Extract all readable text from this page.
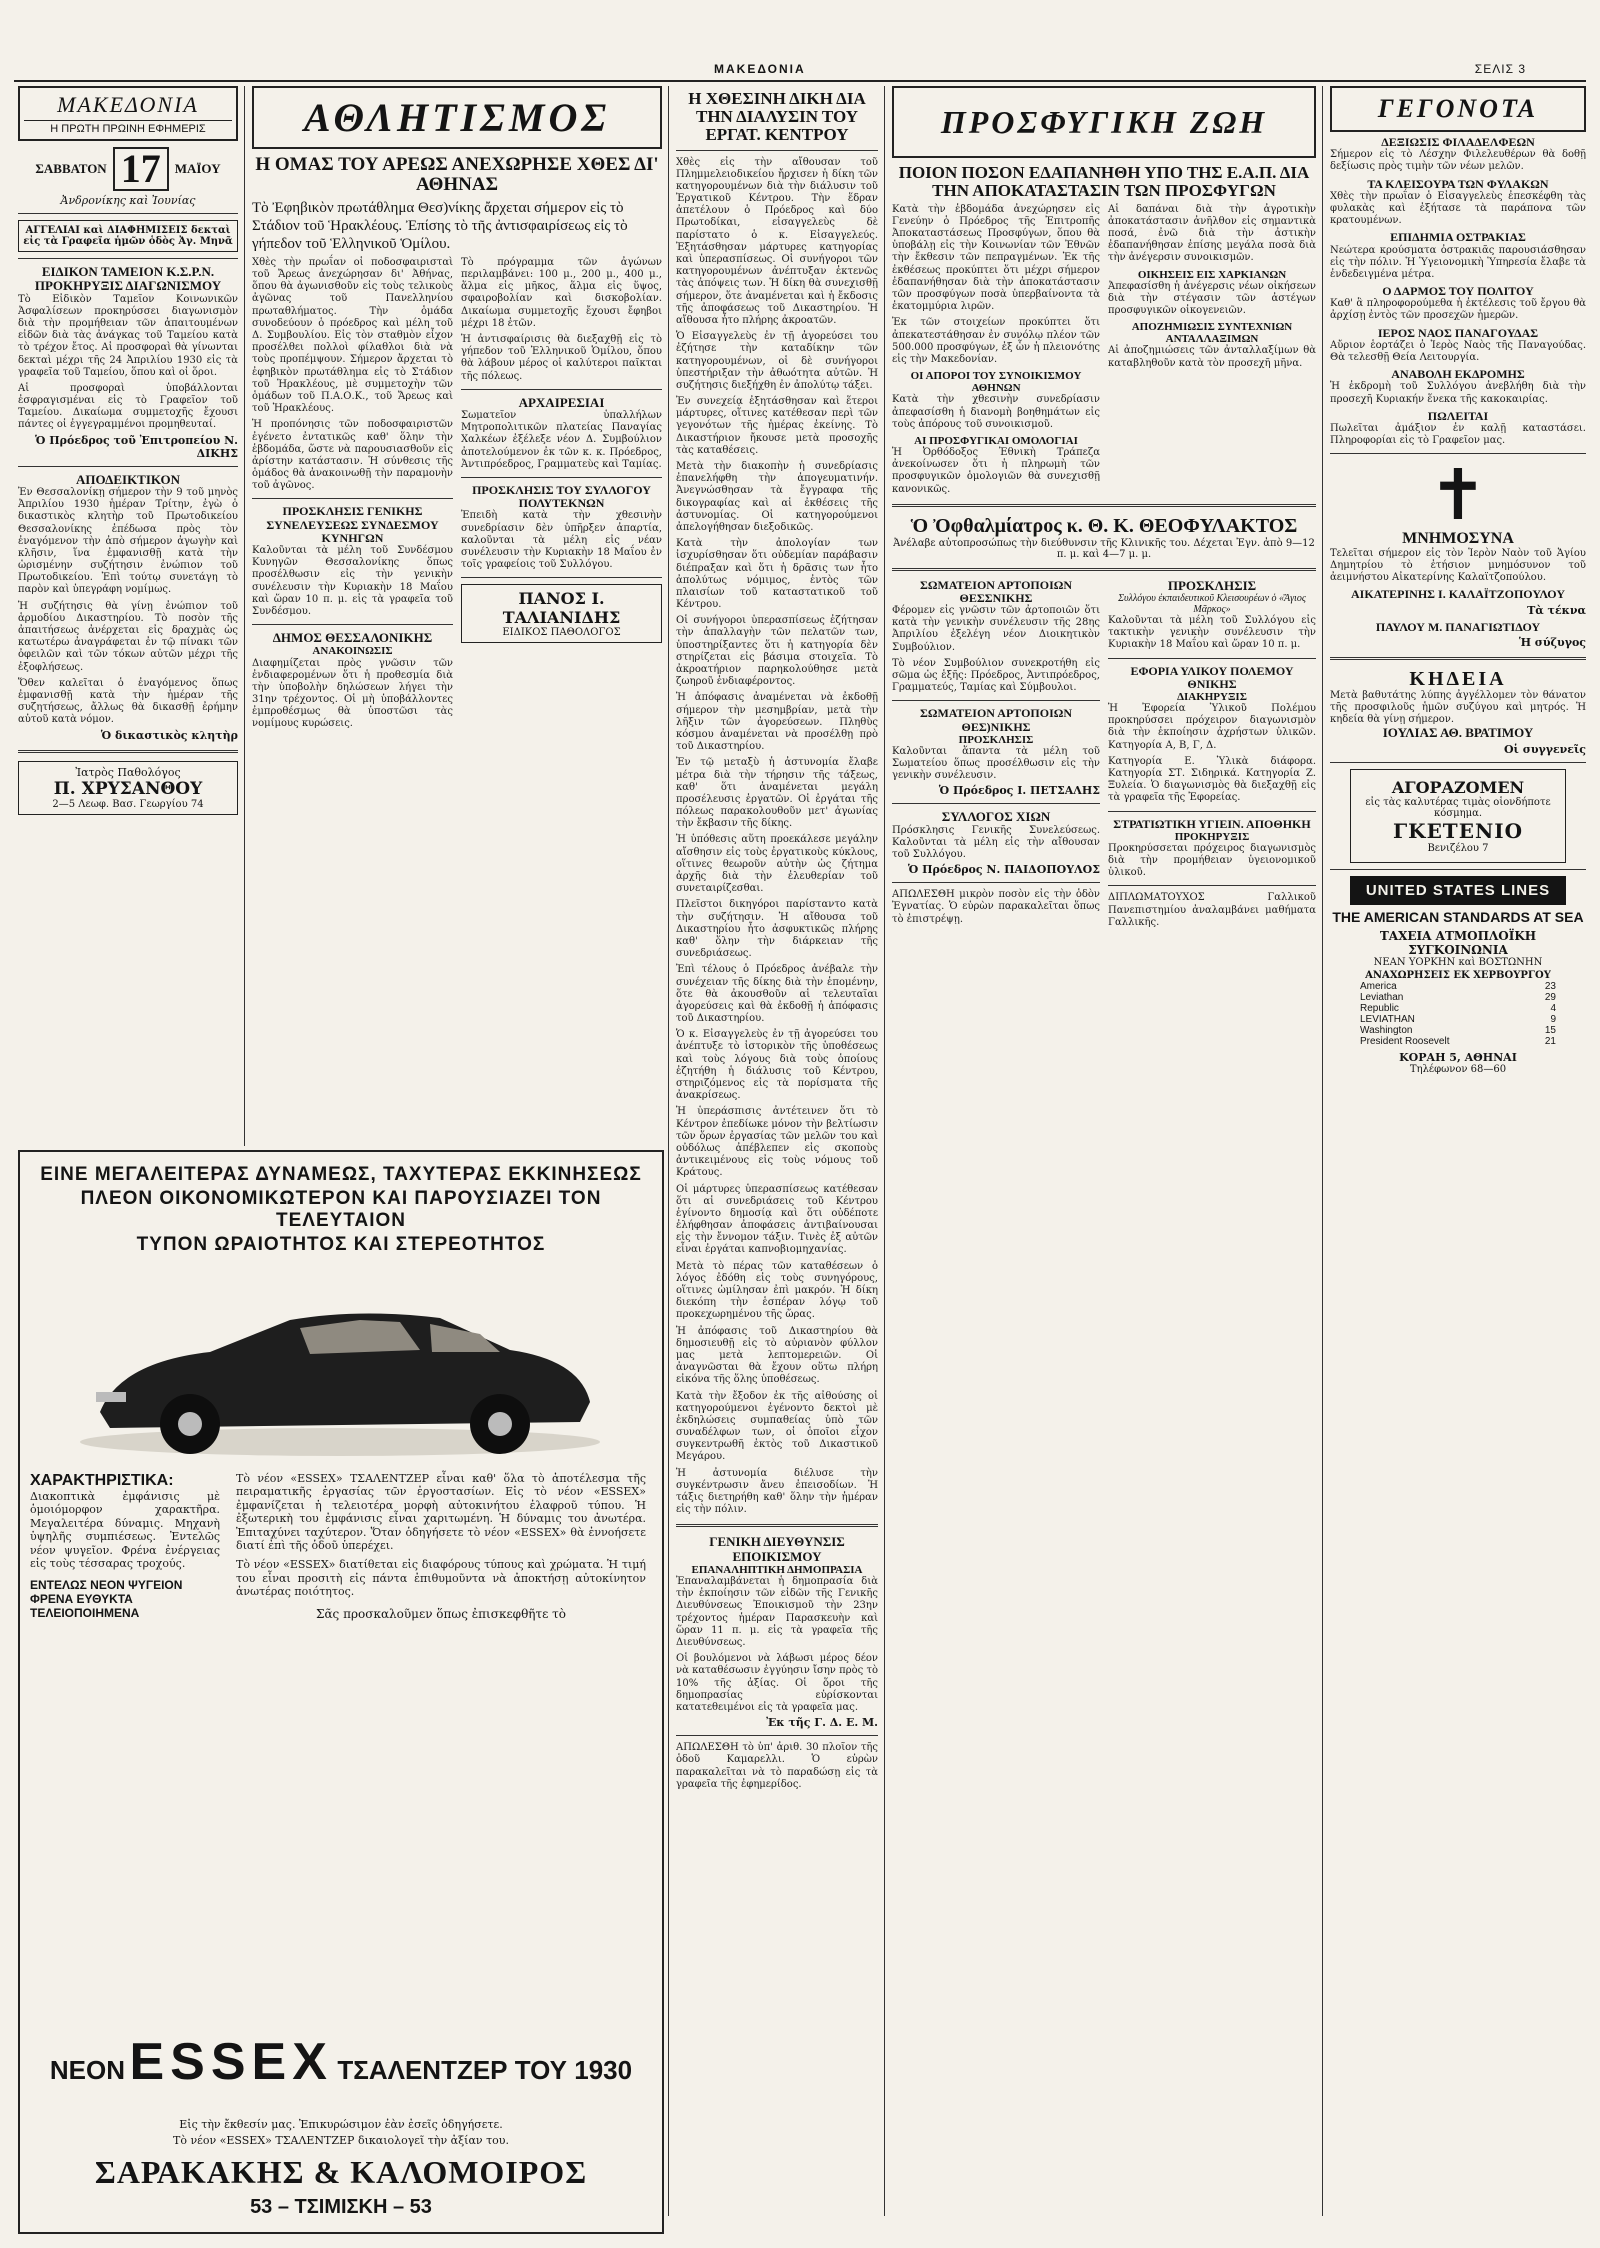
ΜΑΚΕΔΟΝΙΑ	ΣΕΛΙΣ 3
ΜΑΚΕΔΟΝΙΑ
Η ΠΡΩΤΗ ΠΡΩΙΝΗ ΕΦΗΜΕΡΙΣ
ΣΑΒΒΑΤΟΝ 17	ΜΑΪΟΥ
Ἀνδρονίκης καὶ Ἰουνίας
ΑΓΓΕΛΙΑΙ καὶ ΔΙΑΦΗΜΙΣΕΙΣ δεκταὶ εἰς τὰ Γραφεῖα ἡμῶν ὁδὸς Ἀγ. Μηνᾶ
ΕΙΔΙΚΟΝ ΤΑΜΕΙΟΝ Κ.Σ.Ρ.Ν. ΠΡΟΚΗΡΥΞΙΣ ΔΙΑΓΩΝΙΣΜΟΥ

Τὸ Εἰδικὸν Ταμεῖον Κοινωνικῶν Ἀσφαλίσεων προκηρύσσει διαγωνισμὸν διὰ τὴν προμήθειαν τῶν ἀπαιτουμένων εἰδῶν διὰ τὰς ἀνάγκας τοῦ Ταμείου κατὰ τὸ τρέχον ἔτος. Αἱ προσφοραὶ θὰ γίνωνται δεκταὶ μέχρι τῆς 24 Ἀπριλίου 1930 εἰς τὰ γραφεῖα τοῦ Ταμείου, ὅπου καὶ οἱ ὅροι.

Αἱ προσφοραὶ ὑποβάλλονται ἐσφραγισμέναι εἰς τὸ Γραφεῖον τοῦ Ταμείου. Δικαίωμα συμμετοχῆς ἔχουσι πάντες οἱ ἐγγεγραμμένοι προμηθευταί.

Ὁ Πρόεδρος τοῦ Ἐπιτροπείου Ν. ΔΙΚΗΣ
ΑΠΟΔΕΙΚΤΙΚΟΝ

Ἐν Θεσσαλονίκῃ σήμερον τὴν 9 τοῦ μηνὸς Ἀπριλίου 1930 ἡμέραν Τρίτην, ἐγὼ ὁ δικαστικὸς κλητὴρ τοῦ Πρωτοδικείου Θεσσαλονίκης ἐπέδωσα πρὸς τὸν ἐναγόμενον τὴν ἀπὸ σήμερον ἀγωγὴν καὶ κλῆσιν, ἵνα ἐμφανισθῇ κατὰ τὴν ὡρισμένην συζήτησιν ἐνώπιον τοῦ Πρωτοδικείου. Ἐπὶ τούτῳ συνετάγη τὸ παρὸν καὶ ὑπεγράφη νομίμως.

Ἡ συζήτησις θὰ γίνῃ ἐνώπιον τοῦ ἁρμοδίου Δικαστηρίου. Τὸ ποσὸν τῆς ἀπαιτήσεως ἀνέρχεται εἰς δραχμὰς ὡς κατωτέρω ἀναγράφεται ἐν τῷ πίνακι τῶν ὀφειλῶν καὶ τῶν τόκων αὐτῶν μέχρι τῆς ἐξοφλήσεως.

Ὅθεν καλεῖται ὁ ἐναγόμενος ὅπως ἐμφανισθῇ κατὰ τὴν ἡμέραν τῆς συζητήσεως, ἄλλως θὰ δικασθῇ ἐρήμην αὐτοῦ κατὰ νόμον.

Ὁ δικαστικὸς κλητὴρ
Ἰατρὸς Παθολόγος
Π. ΧΡΥΣΑΝΘΟΥ
2—5 Λεωφ. Βασ. Γεωργίου 74
ΑΘΛΗΤΙΣΜΟΣ
Η ΟΜΑΣ ΤΟΥ ΑΡΕΩΣ ΑΝΕΧΩΡΗΣΕ ΧΘΕΣ ΔΙ' ΑΘΗΝΑΣ
Τὸ Ἐφηβικὸν πρωτάθλημα Θεσ)νίκης ἄρχεται σήμερον εἰς τὸ Στάδιον τοῦ Ἡρακλέους. Ἐπίσης τὸ τῆς ἀντισφαιρίσεως εἰς τὸ γήπεδον τοῦ Ἑλληνικοῦ Ὁμίλου.

Χθὲς τὴν πρωΐαν οἱ ποδοσφαιρισταὶ τοῦ Ἄρεως ἀνεχώρησαν δι' Ἀθήνας, ὅπου θὰ ἀγωνισθοῦν εἰς τοὺς τελικοὺς ἀγῶνας τοῦ Πανελληνίου πρωταθλήματος. Τὴν ὁμάδα συνοδεύουν ὁ πρόεδρος καὶ μέλη τοῦ Δ. Συμβουλίου. Εἰς τὸν σταθμὸν εἶχον προσέλθει πολλοὶ φίλαθλοι διὰ νὰ τοὺς προπέμψουν. Σήμερον ἄρχεται τὸ ἐφηβικὸν πρωτάθλημα εἰς τὸ Στάδιον τοῦ Ἡρακλέους, μὲ συμμετοχὴν τῶν ὁμάδων τοῦ Π.Α.Ο.Κ., τοῦ Ἄρεως καὶ τοῦ Ἡρακλέους.

Ἡ προπόνησις τῶν ποδοσφαιριστῶν ἐγένετο ἐντατικῶς καθ' ὅλην τὴν ἑβδομάδα, ὥστε νὰ παρουσιασθοῦν εἰς ἀρίστην κατάστασιν. Ἡ σύνθεσις τῆς ὁμάδος θὰ ἀνακοινωθῇ τὴν παραμονὴν τοῦ ἀγῶνος.

ΠΡΟΣΚΛΗΣΙΣ ΓΕΝΙΚΗΣ ΣΥΝΕΛΕΥΣΕΩΣ ΣΥΝΔΕΣΜΟΥ ΚΥΝΗΓΩΝ

Καλοῦνται τὰ μέλη τοῦ Συνδέσμου Κυνηγῶν Θεσσαλονίκης ὅπως προσέλθωσιν εἰς τὴν γενικὴν συνέλευσιν τὴν Κυριακὴν 18 Μαΐου καὶ ὥραν 10 π. μ. εἰς τὰ γραφεῖα τοῦ Συνδέσμου.

ΔΗΜΟΣ ΘΕΣΣΑΛΟΝΙΚΗΣ
ΑΝΑΚΟΙΝΩΣΙΣ

Διαφημίζεται πρὸς γνῶσιν τῶν ἐνδιαφερομένων ὅτι ἡ προθεσμία διὰ τὴν ὑποβολὴν δηλώσεων λήγει τὴν 31ην τρέχοντος. Οἱ μὴ ὑποβάλλοντες ἐμπροθέσμως θὰ ὑποστῶσι τὰς νομίμους κυρώσεις.

Τὸ πρόγραμμα τῶν ἀγώνων περιλαμβάνει: 100 μ., 200 μ., 400 μ., ἅλμα εἰς μῆκος, ἅλμα εἰς ὕψος, σφαιροβολίαν καὶ δισκοβολίαν. Δικαίωμα συμμετοχῆς ἔχουσι ἔφηβοι μέχρι 18 ἐτῶν.

Ἡ ἀντισφαίρισις θὰ διεξαχθῇ εἰς τὸ γήπεδον τοῦ Ἑλληνικοῦ Ὁμίλου, ὅπου θὰ λάβουν μέρος οἱ καλύτεροι παῖκται τῆς πόλεως.

ΑΡΧΑΙΡΕΣΙΑΙ

Σωματεῖον ὑπαλλήλων Μητροπολιτικῶν πλατείας Παναγίας Χαλκέων ἐξέλεξε νέον Δ. Συμβούλιον ἀποτελούμενον ἐκ τῶν κ. κ. Πρόεδρος, Ἀντιπρόεδρος, Γραμματεὺς καὶ Ταμίας.

ΠΡΟΣΚΛΗΣΙΣ ΤΟΥ ΣΥΛΛΟΓΟΥ ΠΟΛΥΤΕΚΝΩΝ

Ἐπειδὴ κατὰ τὴν χθεσινὴν συνεδρίασιν δὲν ὑπῆρξεν ἀπαρτία, καλοῦνται τὰ μέλη εἰς νέαν συνέλευσιν τὴν Κυριακὴν 18 Μαΐου ἐν τοῖς γραφείοις τοῦ Συλλόγου.

ΠΑΝΟΣ Ι. ΤΑΛΙΑΝΙΔΗΣ
ΕΙΔΙΚΟΣ ΠΑΘΟΛΟΓΟΣ
Η ΧΘΕΣΙΝΗ ΔΙΚΗ ΔΙΑ ΤΗΝ ΔΙΑΛΥΣΙΝ ΤΟΥ ΕΡΓΑΤ. ΚΕΝΤΡΟΥ

Χθὲς εἰς τὴν αἴθουσαν τοῦ Πλημμελειοδικείου ἤρχισεν ἡ δίκη τῶν κατηγορουμένων διὰ τὴν διάλυσιν τοῦ Ἐργατικοῦ Κέντρου. Τὴν ἕδραν ἀπετέλουν ὁ Πρόεδρος καὶ δύο Πρωτοδίκαι, εἰσαγγελεὺς δὲ παρίστατο ὁ κ. Εἰσαγγελεύς. Ἐξητάσθησαν μάρτυρες κατηγορίας καὶ ὑπερασπίσεως. Οἱ συνήγοροι τῶν κατηγορουμένων ἀνέπτυξαν ἐκτενῶς τὰς ἀπόψεις των. Ἡ δίκη θὰ συνεχισθῇ σήμερον, ὅτε ἀναμένεται καὶ ἡ ἔκδοσις τῆς ἀποφάσεως τοῦ Δικαστηρίου. Ἡ αἴθουσα ἦτο πλήρης ἀκροατῶν.

Ὁ Εἰσαγγελεὺς ἐν τῇ ἀγορεύσει του ἐζήτησε τὴν καταδίκην τῶν κατηγορουμένων, οἱ δὲ συνήγοροι ὑπεστήριξαν τὴν ἀθωότητα αὐτῶν. Ἡ συζήτησις διεξήχθη ἐν ἀπολύτῳ τάξει.

Ἐν συνεχείᾳ ἐξητάσθησαν καὶ ἕτεροι μάρτυρες, οἵτινες κατέθεσαν περὶ τῶν γεγονότων τῆς ἡμέρας ἐκείνης. Τὸ Δικαστήριον ἤκουσε μετὰ προσοχῆς τὰς καταθέσεις.

Μετὰ τὴν διακοπὴν ἡ συνεδρίασις ἐπανελήφθη τὴν ἀπογευματινήν. Ἀνεγνώσθησαν τὰ ἔγγραφα τῆς δικογραφίας καὶ αἱ ἐκθέσεις τῆς ἀστυνομίας. Οἱ κατηγορούμενοι ἀπελογήθησαν διεξοδικῶς.

Κατὰ τὴν ἀπολογίαν των ἰσχυρίσθησαν ὅτι οὐδεμίαν παράβασιν διέπραξαν καὶ ὅτι ἡ δρᾶσις των ἦτο ἀπολύτως νόμιμος, ἐντὸς τῶν πλαισίων τοῦ καταστατικοῦ τοῦ Κέντρου.

Οἱ συνήγοροι ὑπερασπίσεως ἐζήτησαν τὴν ἀπαλλαγὴν τῶν πελατῶν των, ὑποστηρίξαντες ὅτι ἡ κατηγορία δὲν στηρίζεται εἰς βάσιμα στοιχεῖα. Τὸ ἀκροατήριον παρηκολούθησε μετὰ ζωηροῦ ἐνδιαφέροντος.

Ἡ ἀπόφασις ἀναμένεται νὰ ἐκδοθῇ σήμερον τὴν μεσημβρίαν, μετὰ τὴν λῆξιν τῶν ἀγορεύσεων. Πληθὺς κόσμου ἀναμένεται νὰ προσέλθῃ πρὸ τοῦ Δικαστηρίου.

Ἐν τῷ μεταξὺ ἡ ἀστυνομία ἔλαβε μέτρα διὰ τὴν τήρησιν τῆς τάξεως, καθ' ὅτι ἀναμένεται μεγάλη προσέλευσις ἐργατῶν. Οἱ ἐργάται τῆς πόλεως παρακολουθοῦν μετ' ἀγωνίας τὴν ἔκβασιν τῆς δίκης.

Ἡ ὑπόθεσις αὕτη προεκάλεσε μεγάλην αἴσθησιν εἰς τοὺς ἐργατικοὺς κύκλους, οἵτινες θεωροῦν αὐτὴν ὡς ζήτημα ἀρχῆς διὰ τὴν ἐλευθερίαν τοῦ συνεταιρίζεσθαι.

Πλεῖστοι δικηγόροι παρίσταντο κατὰ τὴν συζήτησιν. Ἡ αἴθουσα τοῦ Δικαστηρίου ἦτο ἀσφυκτικῶς πλήρης καθ' ὅλην τὴν διάρκειαν τῆς συνεδριάσεως.

Ἐπὶ τέλους ὁ Πρόεδρος ἀνέβαλε τὴν συνέχειαν τῆς δίκης διὰ τὴν ἑπομένην, ὅτε θὰ ἀκουσθοῦν αἱ τελευταῖαι ἀγορεύσεις καὶ θὰ ἐκδοθῇ ἡ ἀπόφασις τοῦ Δικαστηρίου.

Ὁ κ. Εἰσαγγελεὺς ἐν τῇ ἀγορεύσει του ἀνέπτυξε τὸ ἱστορικὸν τῆς ὑποθέσεως καὶ τοὺς λόγους διὰ τοὺς ὁποίους ἐζητήθη ἡ διάλυσις τοῦ Κέντρου, στηριζόμενος εἰς τὰ πορίσματα τῆς ἀνακρίσεως.

Ἡ ὑπεράσπισις ἀντέτεινεν ὅτι τὸ Κέντρον ἐπεδίωκε μόνον τὴν βελτίωσιν τῶν ὅρων ἐργασίας τῶν μελῶν του καὶ οὐδόλως ἀπέβλεπεν εἰς σκοποὺς ἀντικειμένους εἰς τοὺς νόμους τοῦ Κράτους.

Οἱ μάρτυρες ὑπερασπίσεως κατέθεσαν ὅτι αἱ συνεδριάσεις τοῦ Κέντρου ἐγίνοντο δημοσίᾳ καὶ ὅτι οὐδέποτε ἐλήφθησαν ἀποφάσεις ἀντιβαίνουσαι εἰς τὴν ἔννομον τάξιν. Τινὲς ἐξ αὐτῶν εἶναι ἐργάται καπνοβιομηχανίας.

Μετὰ τὸ πέρας τῶν καταθέσεων ὁ λόγος ἐδόθη εἰς τοὺς συνηγόρους, οἵτινες ὡμίλησαν ἐπὶ μακρόν. Ἡ δίκη διεκόπη τὴν ἑσπέραν λόγῳ τοῦ προκεχωρημένου τῆς ὥρας.

Ἡ ἀπόφασις τοῦ Δικαστηρίου θὰ δημοσιευθῇ εἰς τὸ αὐριανὸν φύλλον μας μετὰ λεπτομερειῶν. Οἱ ἀναγνῶσται θὰ ἔχουν οὕτω πλήρη εἰκόνα τῆς ὅλης ὑποθέσεως.

Κατὰ τὴν ἔξοδον ἐκ τῆς αἰθούσης οἱ κατηγορούμενοι ἐγένοντο δεκτοὶ μὲ ἐκδηλώσεις συμπαθείας ὑπὸ τῶν συναδέλφων των, οἱ ὁποῖοι εἶχον συγκεντρωθῆ ἐκτὸς τοῦ Δικαστικοῦ Μεγάρου.

Ἡ ἀστυνομία διέλυσε τὴν συγκέντρωσιν ἄνευ ἐπεισοδίων. Ἡ τάξις διετηρήθη καθ' ὅλην τὴν ἡμέραν εἰς τὴν πόλιν.

ΓΕΝΙΚΗ ΔΙΕΥΘΥΝΣΙΣ ΕΠΟΙΚΙΣΜΟΥ
ΕΠΑΝΑΛΗΠΤΙΚΗ ΔΗΜΟΠΡΑΣΙΑ

Ἐπαναλαμβάνεται ἡ δημοπρασία διὰ τὴν ἐκποίησιν τῶν εἰδῶν τῆς Γενικῆς Διευθύνσεως Ἐποικισμοῦ τὴν 23ην τρέχοντος ἡμέραν Παρασκευὴν καὶ ὥραν 11 π. μ. εἰς τὰ γραφεῖα τῆς Διευθύνσεως.

Οἱ βουλόμενοι νὰ λάβωσι μέρος δέον νὰ καταθέσωσιν ἐγγύησιν ἴσην πρὸς τὸ 10% τῆς ἀξίας. Οἱ ὅροι τῆς δημοπρασίας εὑρίσκονται κατατεθειμένοι εἰς τὰ γραφεῖα μας.

Ἐκ τῆς Γ. Δ. Ε. Μ.

ΑΠΩΛΕΣΘΗ τὸ ὑπ' ἀριθ. 30 πλοῖον τῆς ὁδοῦ Καμαρελλι. Ὁ εὑρὼν παρακαλεῖται νὰ τὸ παραδώσῃ εἰς τὰ γραφεῖα τῆς ἐφημερίδος.

ΠΡΟΣΦΥΓΙΚΗ ΖΩΗ
ΠΟΙΟΝ ΠΟΣΟΝ ΕΔΑΠΑΝΗΘΗ ΥΠΟ ΤΗΣ Ε.Α.Π. ΔΙΑ ΤΗΝ ΑΠΟΚΑΤΑΣΤΑΣΙΝ ΤΩΝ ΠΡΟΣΦΥΓΩΝ

Κατὰ τὴν ἑβδομάδα ἀνεχώρησεν εἰς Γενεύην ὁ Πρόεδρος τῆς Ἐπιτροπῆς Ἀποκαταστάσεως Προσφύγων, ὅπου θὰ ὑποβάλῃ εἰς τὴν Κοινωνίαν τῶν Ἐθνῶν τὴν ἔκθεσιν τῶν πεπραγμένων. Ἐκ τῆς ἐκθέσεως προκύπτει ὅτι μέχρι σήμερον ἐδαπανήθησαν διὰ τὴν ἀποκατάστασιν τῶν προσφύγων ποσὰ ὑπερβαίνοντα τὰ ἑκατομμύρια λιρῶν.

Ἐκ τῶν στοιχείων προκύπτει ὅτι ἀπεκατεστάθησαν ἐν συνόλῳ πλέον τῶν 500.000 προσφύγων, ἐξ ὧν ἡ πλειονότης εἰς τὴν Μακεδονίαν.

ΟΙ ΑΠΟΡΟΙ ΤΟΥ ΣΥΝΟΙΚΙΣΜΟΥ ΑΘΗΝΩΝ

Κατὰ τὴν χθεσινὴν συνεδρίασιν ἀπεφασίσθη ἡ διανομὴ βοηθημάτων εἰς τοὺς ἀπόρους τοῦ συνοικισμοῦ.

ΑΙ ΠΡΟΣΦΥΓΙΚΑΙ ΟΜΟΛΟΓΙΑΙ

Ἡ Ὀρθόδοξος Ἐθνικὴ Τράπεζα ἀνεκοίνωσεν ὅτι ἡ πληρωμὴ τῶν προσφυγικῶν ὁμολογιῶν θὰ συνεχισθῇ κανονικῶς.

Αἱ δαπάναι διὰ τὴν ἀγροτικὴν ἀποκατάστασιν ἀνῆλθον εἰς σημαντικὰ ποσά, ἐνῶ διὰ τὴν ἀστικὴν ἐδαπανήθησαν ἐπίσης μεγάλα ποσὰ διὰ τὴν ἀνέγερσιν συνοικισμῶν.

ΟΙΚΗΣΕΙΣ ΕΙΣ ΧΑΡΚΙΑΝΩΝ

Ἀπεφασίσθη ἡ ἀνέγερσις νέων οἰκήσεων διὰ τὴν στέγασιν τῶν ἀστέγων προσφυγικῶν οἰκογενειῶν.

ΑΠΟΖΗΜΙΩΣΙΣ ΣΥΝΤΕΧΝΙΩΝ ΑΝΤΑΛΛΑΞΙΜΩΝ

Αἱ ἀποζημιώσεις τῶν ἀνταλλαξίμων θὰ καταβληθοῦν κατὰ τὸν προσεχῆ μῆνα.

Ὁ Ὀφθαλμίατρος κ. Θ. Κ. ΘΕΟΦΥΛΑΚΤΟΣ
Ἀνέλαβε αὐτοπροσώπως τὴν διεύθυνσιν τῆς Κλινικῆς του. Δέχεται Ἐγν. ἀπὸ 9—12 π. μ. καὶ 4—7 μ. μ.
ΣΩΜΑΤΕΙΟΝ ΑΡΤΟΠΟΙΩΝ ΘΕΣΣΝΙΚΗΣ

Φέρομεν εἰς γνῶσιν τῶν ἀρτοποιῶν ὅτι κατὰ τὴν γενικὴν συνέλευσιν τῆς 28ης Ἀπριλίου ἐξελέγη νέον Διοικητικὸν Συμβούλιον.

Τὸ νέον Συμβούλιον συνεκροτήθη εἰς σῶμα ὡς ἑξῆς: Πρόεδρος, Ἀντιπρόεδρος, Γραμματεύς, Ταμίας καὶ Σύμβουλοι.

ΣΩΜΑΤΕΙΟΝ ΑΡΤΟΠΟΙΩΝ ΘΕΣ)ΝΙΚΗΣ
ΠΡΟΣΚΛΗΣΙΣ

Καλοῦνται ἅπαντα τὰ μέλη τοῦ Σωματείου ὅπως προσέλθωσιν εἰς τὴν γενικὴν συνέλευσιν.

Ὁ Πρόεδρος Ι. ΠΕΤΣΑΛΗΣ
ΣΥΛΛΟΓΟΣ ΧΙΩΝ

Πρόσκλησις Γενικῆς Συνελεύσεως. Καλοῦνται τὰ μέλη εἰς τὴν αἴθουσαν τοῦ Συλλόγου.

Ὁ Πρόεδρος Ν. ΠΑΙΔΟΠΟΥΛΟΣ

ΑΠΩΛΕΣΘΗ μικρὸν ποσὸν εἰς τὴν ὁδὸν Ἐγνατίας. Ὁ εὑρὼν παρακαλεῖται ὅπως τὸ ἐπιστρέψῃ.

ΠΡΟΣΚΛΗΣΙΣ
Συλλόγου ἐκπαιδευτικοῦ Κλεισουρέων ὁ «Ἅγιος Μᾶρκος»

Καλοῦνται τὰ μέλη τοῦ Συλλόγου εἰς τακτικὴν γενικὴν συνέλευσιν τὴν Κυριακὴν 18 Μαΐου καὶ ὥραν 10 π. μ.

ΕΦΟΡΙΑ ΥΛΙΚΟΥ ΠΟΛΕΜΟΥ ΘΝΙΚΗΣ
ΔΙΑΚΗΡΥΞΙΣ

Ἡ Ἐφορεία Ὑλικοῦ Πολέμου προκηρύσσει πρόχειρον διαγωνισμὸν διὰ τὴν ἐκποίησιν ἀχρήστων ὑλικῶν. Κατηγορία Α, Β, Γ, Δ.

Κατηγορία Ε. Ὑλικὰ διάφορα. Κατηγορία ΣΤ. Σιδηρικά. Κατηγορία Ζ. Ξυλεία. Ὁ διαγωνισμὸς θὰ διεξαχθῇ εἰς τὰ γραφεῖα τῆς Ἐφορείας.

ΣΤΡΑΤΙΩΤΙΚΗ ΥΓΙΕΙΝ. ΑΠΟΘΗΚΗ
ΠΡΟΚΗΡΥΞΙΣ

Προκηρύσσεται πρόχειρος διαγωνισμὸς διὰ τὴν προμήθειαν ὑγειονομικοῦ ὑλικοῦ.

ΔΙΠΛΩΜΑΤΟΥΧΟΣ Γαλλικοῦ Πανεπιστημίου ἀναλαμβάνει μαθήματα Γαλλικῆς.

ΓΕΓΟΝΟΤΑ
ΔΕΞΙΩΣΙΣ ΦΙΛΑΔΕΛΦΕΩΝ

Σήμερον εἰς τὸ Λέσχην Φιλελευθέρων θὰ δοθῇ δεξίωσις πρὸς τιμὴν τῶν νέων μελῶν.

ΤΑ ΚΛΕΙΣΟΥΡΑ ΤΩΝ ΦΥΛΑΚΩΝ

Χθὲς τὴν πρωΐαν ὁ Εἰσαγγελεὺς ἐπεσκέφθη τὰς φυλακὰς καὶ ἐξήτασε τὰ παράπονα τῶν κρατουμένων.

ΕΠΙΔΗΜΙΑ ΟΣΤΡΑΚΙΑΣ

Νεώτερα κρούσματα ὀστρακιᾶς παρουσιάσθησαν εἰς τὴν πόλιν. Ἡ Ὑγειονομικὴ Ὑπηρεσία ἔλαβε τὰ ἐνδεδειγμένα μέτρα.

Ο ΔΑΡΜΟΣ ΤΟΥ ΠΟΛΙΤΟΥ

Καθ' ἃ πληροφορούμεθα ἡ ἐκτέλεσις τοῦ ἔργου θὰ ἀρχίσῃ ἐντὸς τῶν προσεχῶν ἡμερῶν.

ΙΕΡΟΣ ΝΑΟΣ ΠΑΝΑΓΟΥΔΑΣ

Αὔριον ἑορτάζει ὁ Ἱερὸς Ναὸς τῆς Παναγούδας. Θὰ τελεσθῇ Θεία Λειτουργία.

ΑΝΑΒΟΛΗ ΕΚΔΡΟΜΗΣ

Ἡ ἐκδρομὴ τοῦ Συλλόγου ἀνεβλήθη διὰ τὴν προσεχῆ Κυριακήν ἕνεκα τῆς κακοκαιρίας.

ΠΩΛΕΙΤΑΙ

Πωλεῖται ἀμάξιον ἐν καλῇ καταστάσει. Πληροφορίαι εἰς τὸ Γραφεῖον μας.

✝
ΜΝΗΜΟΣΥΝΑ

Τελεῖται σήμερον εἰς τὸν Ἱερὸν Ναὸν τοῦ Ἁγίου Δημητρίου τὸ ἐτήσιον μνημόσυνον τοῦ ἀειμνήστου Αἰκατερίνης Καλαϊτζοπούλου.

ΑΙΚΑΤΕΡΙΝΗΣ Ι. ΚΑΛΑΪΤΖΟΠΟΥΛΟΥ
Τὰ τέκνα
ΠΑΥΛΟΥ Μ. ΠΑΝΑΓΙΩΤΙΔΟΥ
Ἡ σύζυγος
ΚΗΔΕΙΑ

Μετὰ βαθυτάτης λύπης ἀγγέλλομεν τὸν θάνατον τῆς προσφιλοῦς ἡμῶν συζύγου καὶ μητρός. Ἡ κηδεία θὰ γίνῃ σήμερον.

ΙΟΥΛΙΑΣ ΑΘ. ΒΡΑΤΙΜΟΥ
Οἱ συγγενεῖς
ΑΓΟΡΑΖΟΜΕΝ
εἰς τὰς καλυτέρας τιμὰς οἱονδήποτε κόσμημα.
ΓΚΕΤΕΝΙΟ
Βενιζέλου 7
UNITED STATES LINES
THE AMERICAN STANDARDS AT SEA
ΤΑΧΕΙΑ ΑΤΜΟΠΛΟΪΚΗ ΣΥΓΚΟΙΝΩΝΙΑ
ΝΕΑΝ ΥΟΡΚΗΝ καὶ ΒΟΣΤΩΝΗΝ
ΑΝΑΧΩΡΗΣΕΙΣ ΕΚ ΧΕΡΒΟΥΡΓΟΥ
America	23
Leviathan	29
Republic	4
LEVIATHAN	9
Washington	15
President Roosevelt	21
ΚΟΡΑΗ 5, ΑΘΗΝΑΙ
Τηλέφωνον 68—60
ΕΙΝΕ ΜΕΓΑΛΕΙΤΕΡΑΣ ΔΥΝΑΜΕΩΣ, ΤΑΧΥΤΕΡΑΣ ΕΚΚΙΝΗΣΕΩΣ
ΠΛΕΟΝ ΟΙΚΟΝΟΜΙΚΩΤΕΡΟΝ ΚΑΙ ΠΑΡΟΥΣΙΑΖΕΙ ΤΟΝ ΤΕΛΕΥΤΑΙΟΝ
ΤΥΠΟΝ ΩΡΑΙΟΤΗΤΟΣ ΚΑΙ ΣΤΕΡΕΟΤΗΤΟΣ
ΧΑΡΑΚΤΗΡΙΣΤΙΚΑ:

Διακοπτικὰ ἐμφάνισις μὲ ὁμοιόμορφον χαρακτῆρα. Μεγαλειτέρα δύναμις. Μηχανὴ ὑψηλῆς συμπιέσεως. Ἐντελῶς νέον ψυγεῖον. Φρένα ἐνέργειας εἰς τοὺς τέσσαρας τροχούς.

ΕΝΤΕΛΩΣ ΝΕΟΝ ΨΥΓΕΙΟΝ ΦΡΕΝΑ ΕΥΘΥΚΤΑ
ΤΕΛΕΙΟΠΟΙΗΜΕΝΑ

Τὸ νέον «ESSEX» ΤΣΑΛΕΝΤΖΕΡ εἶναι καθ' ὅλα τὸ ἀποτέλεσμα τῆς πειραματικῆς ἐργασίας τῶν ἐργοστασίων. Εἰς τὸ νέον «ESSEX» ἐμφανίζεται ἡ τελειοτέρα μορφὴ αὐτοκινήτου ἐλαφροῦ τύπου. Ἡ ἐξωτερικὴ του ἐμφάνισις εἶναι χαριτωμένη. Ἡ δύναμις του ἀνωτέρα. Ἐπιταχύνει ταχύτερον. Ὅταν ὁδηγήσετε τὸ νέον «ESSEX» θὰ ἐννοήσετε διατί ἐπὶ τῆς ὁδοῦ ὑπερέχει.

Τὸ νέον «ESSEX» διατίθεται εἰς διαφόρους τύπους καὶ χρώματα. Ἡ τιμή του εἶναι προσιτὴ εἰς πάντα ἐπιθυμοῦντα νὰ ἀποκτήσῃ αὐτοκίνητον ἀνωτέρας ποιότητος.

Σᾶς προσκαλοῦμεν ὅπως ἐπισκεφθῆτε τὸ
ΝΕΟΝ ESSEX ΤΣΑΛΕΝΤΖΕΡ ΤΟΥ 1930
Εἰς τὴν ἔκθεσίν μας. Ἐπικυρώσιμον ἐὰν ἐσεῖς ὁδηγήσετε.
Τὸ νέον «ESSEX» ΤΣΑΛΕΝΤΖΕΡ δικαιολογεῖ τὴν ἀξίαν του.
ΣΑΡΑΚΑΚΗΣ & ΚΑΛΟΜΟΙΡΟΣ
53 – ΤΣΙΜΙΣΚΗ – 53
